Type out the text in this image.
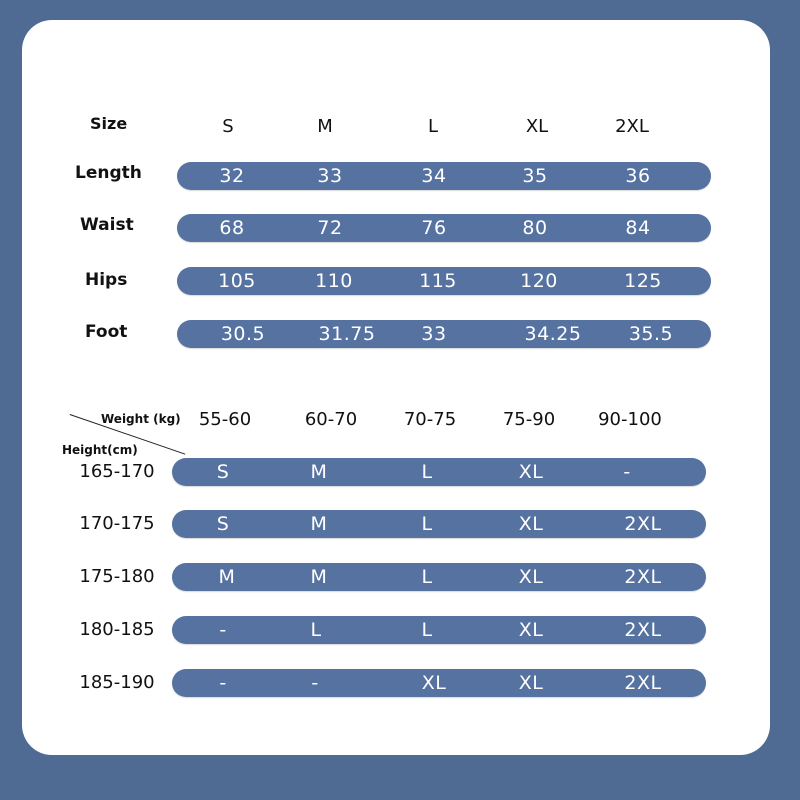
Size	S	M	L	XL	2XL
Length	32	33	34	35	36
Waist	68	72	76	80	84
Hips	105	110	115	120	125
Foot	30.5	31.75	33	34.25	35.5
Weight (kg)
Height(cm)
55-60	60-70	70-75	75-90	90-100
165-170	S	M	L	XL	-
170-175	S	M	L	XL	2XL
175-180	M	M	L	XL	2XL
180-185	-	L	L	XL	2XL
185-190	-	-	XL	XL	2XL
